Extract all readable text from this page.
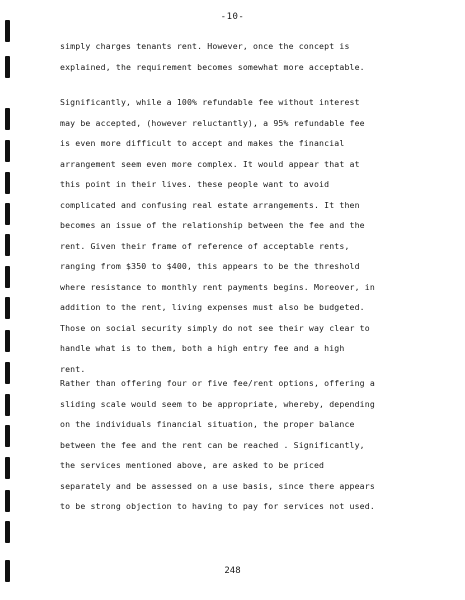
-10-
simply charges tenants rent. However, once the concept is
explained, the requirement becomes somewhat more acceptable.
Significantly, while a 100% refundable fee without interest
may be accepted, (however reluctantly), a 95% refundable fee
is even more difficult to accept and makes the financial
arrangement seem even more complex. It would appear that at
this point in their lives. these people want to avoid
complicated and confusing real estate arrangements. It then
becomes an issue of the relationship between the fee and the
rent. Given their frame of reference of acceptable rents,
ranging from $350 to $400, this appears to be the threshold
where resistance to monthly rent payments begins. Moreover, in
addition to the rent, living expenses must also be budgeted.
Those on social security simply do not see their way clear to
handle what is to them, both a high entry fee and a high
rent.
Rather than offering four or five fee/rent options, offering a
sliding scale would seem to be appropriate, whereby, depending
on the individuals financial situation, the proper balance
between the fee and the rent can be reached . Significantly,
the services mentioned above, are asked to be priced
separately and be assessed on a use basis, since there appears
to be strong objection to having to pay for services not used.
248
